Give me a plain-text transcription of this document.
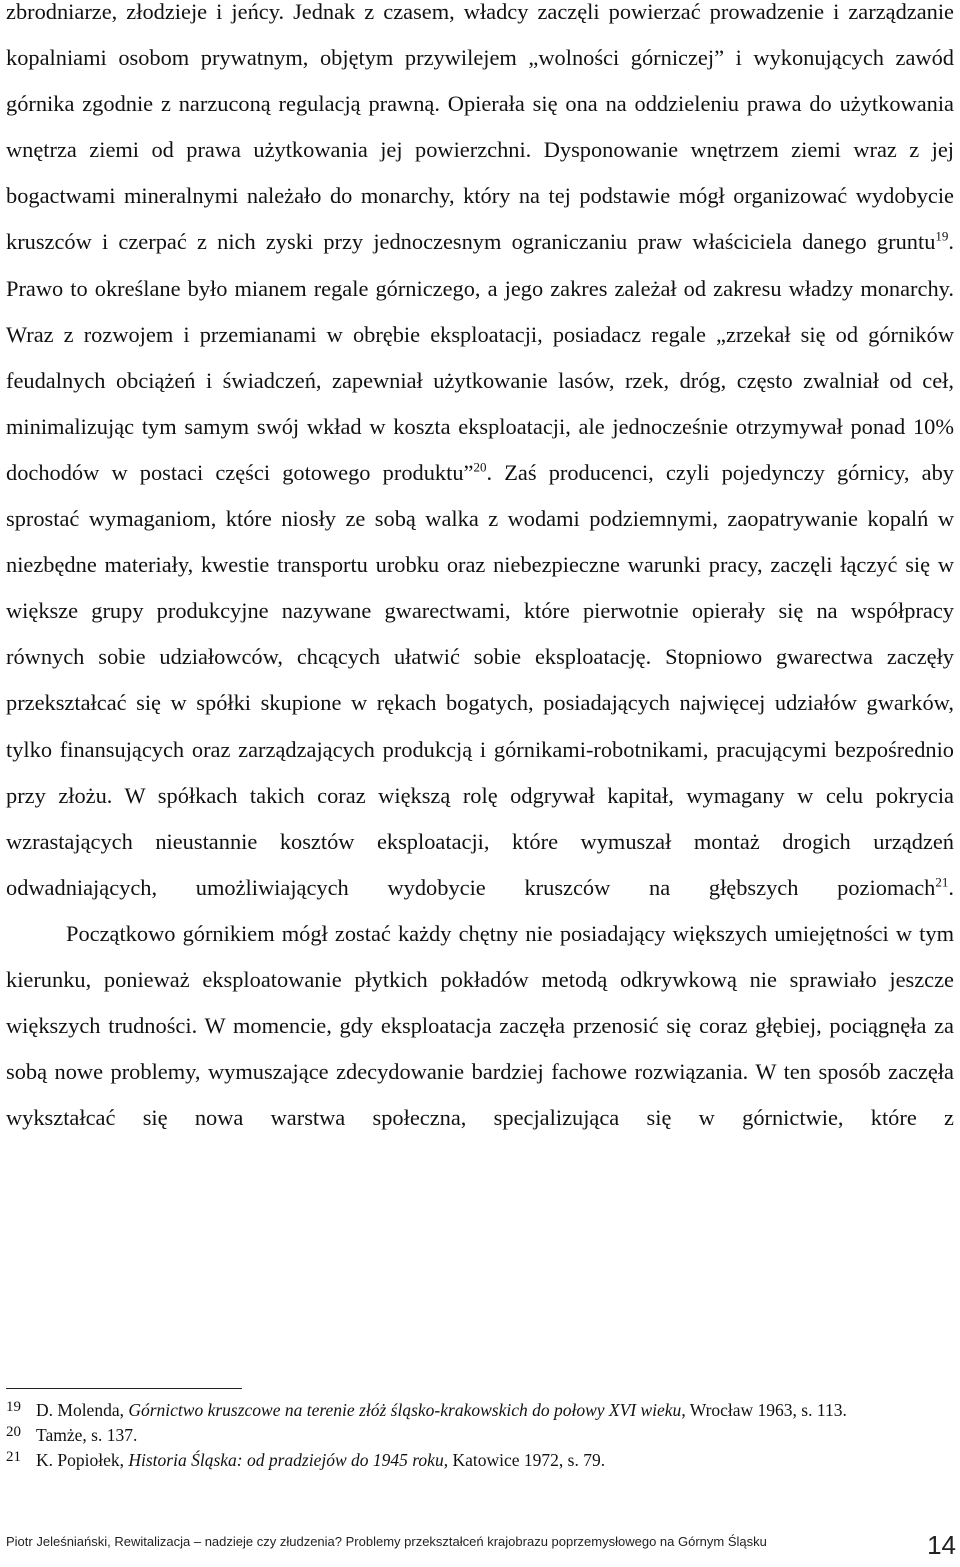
zbrodniarze, złodzieje i jeńcy. Jednak z czasem, władcy zaczęli powierzać prowadzenie i zarządzanie kopalniami osobom prywatnym, objętym przywilejem „wolności górniczej” i wykonujących zawód górnika zgodnie z narzuconą regulacją prawną. Opierała się ona na oddzieleniu prawa do użytkowania wnętrza ziemi od prawa użytkowania jej powierzchni. Dysponowanie wnętrzem ziemi wraz z jej bogactwami mineralnymi należało do monarchy, który na tej podstawie mógł organizować wydobycie kruszców i czerpać z nich zyski przy jednoczesnym ograniczaniu praw właściciela danego gruntu$^{19}$. Prawo to określane było mianem regale górniczego, a jego zakres zależał od zakresu władzy monarchy. Wraz z rozwojem i przemianami w obrębie eksploatacji, posiadacz regale „zrzekał się od górników feudalnych obciążeń i świadczeń, zapewniał użytkowanie lasów, rzek, dróg, często zwalniał od ceł, minimalizując tym samym swój wkład w koszta eksploatacji, ale jednocześnie otrzymywał ponad 10% dochodów w postaci części gotowego produktu”$^{20}$. Zaś producenci, czyli pojedynczy górnicy, aby sprostać wymaganiom, które niosły ze sobą walka z wodami podziemnymi, zaopatrywanie kopalń w niezbędne materiały, kwestie transportu urobku oraz niebezpieczne warunki pracy, zaczęli łączyć się w większe grupy produkcyjne nazywane gwarectwami, które pierwotnie opierały się na współpracy równych sobie udziałowców, chcących ułatwić sobie eksploatację. Stopniowo gwarectwa zaczęły przekształcać się w spółki skupione w rękach bogatych, posiadających najwięcej udziałów gwarków, tylko finansujących oraz zarządzających produkcją i górnikami-robotnikami, pracującymi bezpośrednio przy złożu. W spółkach takich coraz większą rolę odgrywał kapitał, wymagany w celu pokrycia wzrastających nieustannie kosztów eksploatacji, które wymuszał montaż drogich urządzeń odwadniających, umożliwiających wydobycie kruszców na głębszych poziomach$^{21}$.

Początkowo górnikiem mógł zostać każdy chętny nie posiadający większych umiejętności w tym kierunku, ponieważ eksploatowanie płytkich pokładów metodą odkrywkową nie sprawiało jeszcze większych trudności. W momencie, gdy eksploatacja zaczęła przenosić się coraz głębiej, pociągnęła za sobą nowe problemy, wymuszające zdecydowanie bardziej fachowe rozwiązania. W ten sposób zaczęła wykształcać się nowa warstwa społeczna, specjalizująca się w górnictwie, które z

19 D. Molenda, Górnictwo kruszcowe na terenie złóż śląsko-krakowskich do połowy XVI wieku, Wrocław 1963, s. 113.
20 Tamże, s. 137.
21 K. Popiołek, Historia Śląska: od pradziejów do 1945 roku, Katowice 1972, s. 79.
Piotr Jeleśniański, Rewitalizacja – nadzieje czy złudzenia? Problemy przekształceń krajobrazu poprzemysłowego na Górnym Śląsku	14
